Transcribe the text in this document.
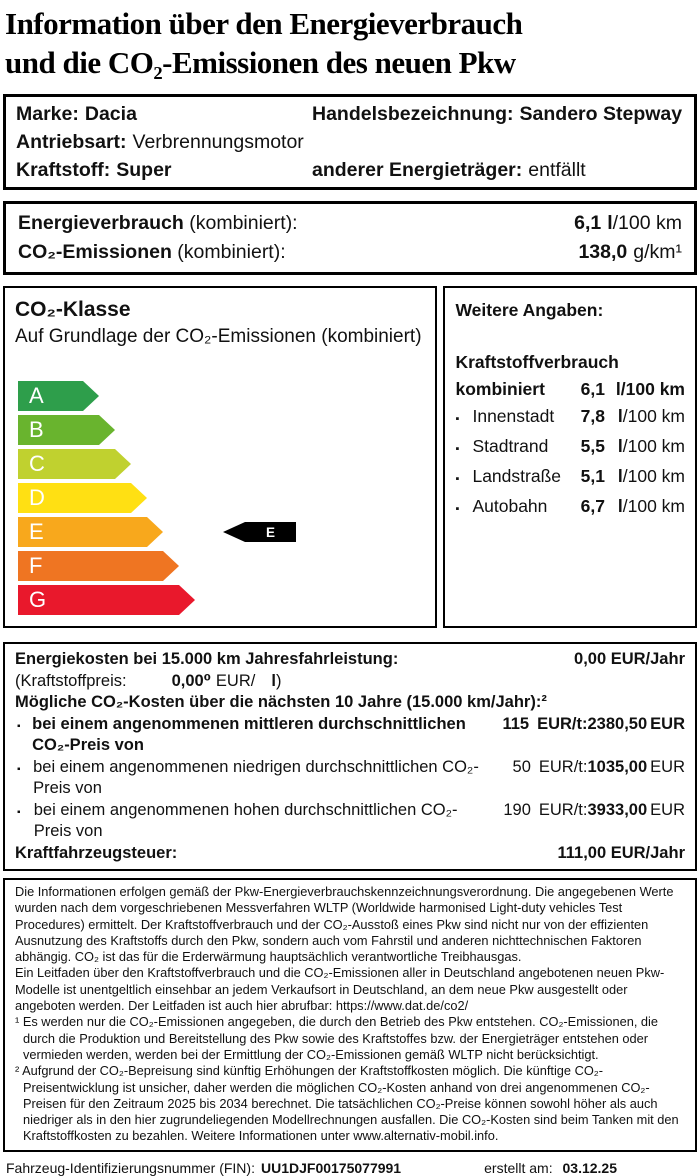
Information über den Energieverbrauch
und die CO₂-Emissionen des neuen Pkw
Marke: Dacia	Handelsbezeichnung: Sandero Stepway
Antriebsart: Verbrennungsmotor
Kraftstoff: Super	anderer Energieträger: entfällt
Energieverbrauch (kombiniert):	6,1 l/100 km
CO₂-Emissionen (kombiniert):	138,0 g/km¹
CO₂-Klasse
Auf Grundlage der CO₂-Emissionen (kombiniert)
A
B
C
D
E
F
G
E
Weitere Angaben:
Kraftstoffverbrauch
kombiniert	6,1 l/100 km
▪ Innenstadt	7,8 l/100 km
▪ Stadtrand	5,5 l/100 km
▪ Landstraße	5,1 l/100 km
▪ Autobahn	6,7 l/100 km
Energiekosten bei 15.000 km Jahresfahrleistung:	0,00 EUR/Jahr
(Kraftstoffpreis:	0,00⁰ EUR/ l )
Mögliche CO₂-Kosten über die nächsten 10 Jahre (15.000 km/Jahr):²
▪ bei einem angenommenen mittleren durchschnittlichen CO₂-Preis von
115 EUR/t: 2380,50 EUR
▪ bei einem angenommenen niedrigen durchschnittlichen CO₂-Preis von
50 EUR/t: 1035,00 EUR
▪ bei einem angenommenen hohen durchschnittlichen CO₂-Preis von
190 EUR/t: 3933,00 EUR
Kraftfahrzeugsteuer:	111,00 EUR/Jahr

Die Informationen erfolgen gemäß der Pkw-Energieverbrauchskennzeichnungsverordnung. Die angegebenen Werte wurden nach dem vorgeschriebenen Messverfahren WLTP (Worldwide harmonised Light-duty vehicles Test Procedures) ermittelt. Der Kraftstoffverbrauch und der CO₂-Ausstoß eines Pkw sind nicht nur von der effizienten Ausnutzung des Kraftstoffs durch den Pkw, sondern auch vom Fahrstil und anderen nichttechnischen Faktoren abhängig. CO₂ ist das für die Erderwärmung hauptsächlich verantwortliche Treibhausgas.

Ein Leitfaden über den Kraftstoffverbrauch und die CO₂-Emissionen aller in Deutschland angebotenen neuen Pkw-Modelle ist unentgeltlich einsehbar an jedem Verkaufsort in Deutschland, an dem neue Pkw ausgestellt oder angeboten werden. Der Leitfaden ist auch hier abrufbar: https://www.dat.de/co2/

¹ Es werden nur die CO₂-Emissionen angegeben, die durch den Betrieb des Pkw entstehen. CO₂-Emissionen, die durch die Produktion und Bereitstellung des Pkw sowie des Kraftstoffes bzw. der Energieträger entstehen oder vermieden werden, werden bei der Ermittlung der CO₂-Emissionen gemäß WLTP nicht berücksichtigt.

² Aufgrund der CO₂-Bepreisung sind künftig Erhöhungen der Kraftstoffkosten möglich. Die künftige CO₂-Preisentwicklung ist unsicher, daher werden die möglichen CO₂-Kosten anhand von drei angenommenen CO₂-Preisen für den Zeitraum 2025 bis 2034 berechnet. Die tatsächlichen CO₂-Preise können sowohl höher als auch niedriger als in den hier zugrundeliegenden Modellrechnungen ausfallen. Die CO₂-Kosten sind beim Tanken mit den Kraftstoffkosten zu bezahlen. Weitere Informationen unter www.alternativ-mobil.info.

Fahrzeug-Identifizierungsnummer (FIN): UU1DJF00175077991	erstellt am: 03.12.25
